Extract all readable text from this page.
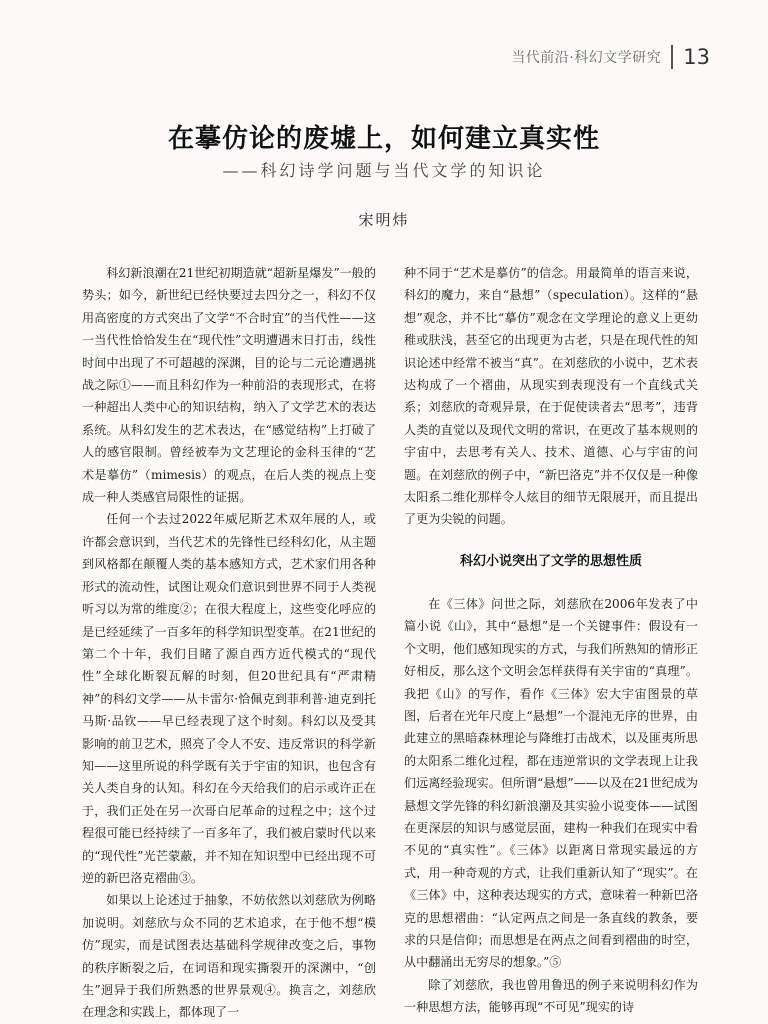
当代前沿·科幻文学研究 13
在摹仿论的废墟上，如何建立真实性
——科幻诗学问题与当代文学的知识论
宋明炜

科幻新浪潮在21世纪初期造就“超新星爆发”一般的势头；如今，新世纪已经快要过去四分之一，科幻不仅用高密度的方式突出了文学“不合时宜”的当代性——这一当代性恰恰发生在“现代性”文明遭遇末日打击，线性时间中出现了不可超越的深渊，目的论与二元论遭遇挑战之际①——而且科幻作为一种前沿的表现形式，在将一种超出人类中心的知识结构，纳入了文学艺术的表达系统。从科幻发生的艺术表达，在“感觉结构”上打破了人的感官限制。曾经被奉为文艺理论的金科玉律的“艺术是摹仿”（mimesis）的观点，在后人类的视点上变成一种人类感官局限性的证据。

任何一个去过2022年威尼斯艺术双年展的人，或许都会意识到，当代艺术的先锋性已经科幻化，从主题到风格都在颠覆人类的基本感知方式，艺术家们用各种形式的流动性，试图让观众们意识到世界不同于人类视听习以为常的维度②；在很大程度上，这些变化呼应的是已经延续了一百多年的科学知识型变革。在21世纪的第二个十年，我们目睹了源自西方近代模式的“现代性”全球化断裂瓦解的时刻，但20世纪具有“严肃精神”的科幻文学——从卡雷尔·恰佩克到菲利普·迪克到托马斯·品钦——早已经表现了这个时刻。科幻以及受其影响的前卫艺术，照亮了令人不安、违反常识的科学新知——这里所说的科学既有关于宇宙的知识，也包含有关人类自身的认知。科幻在今天给我们的启示或许正在于，我们正处在另一次哥白尼革命的过程之中；这个过程很可能已经持续了一百多年了，我们被启蒙时代以来的“现代性”光芒蒙蔽，并不知在知识型中已经出现不可逆的新巴洛克褶曲③。

如果以上论述过于抽象，不妨依然以刘慈欣为例略加说明。刘慈欣与众不同的艺术追求，在于他不想“模仿”现实，而是试图表达基础科学规律改变之后，事物的秩序断裂之后，在词语和现实撕裂开的深渊中，“创生”迥异于我们所熟悉的世界景观④。换言之，刘慈欣在理念和实践上，都体现了一

种不同于“艺术是摹仿”的信念。用最简单的语言来说，科幻的魔力，来自“悬想”（speculation）。这样的“悬想”观念，并不比“摹仿”观念在文学理论的意义上更幼稚或肤浅，甚至它的出现更为古老，只是在现代性的知识论述中经常不被当“真”。在刘慈欣的小说中，艺术表达构成了一个褶曲，从现实到表现没有一个直线式关系；刘慈欣的奇观异景，在于促使读者去“思考”，违背人类的直觉以及现代文明的常识，在更改了基本规则的宇宙中，去思考有关人、技术、道德、心与宇宙的问题。在刘慈欣的例子中，“新巴洛克”并不仅仅是一种像太阳系二维化那样令人炫目的细节无限展开，而且提出了更为尖锐的问题。

科幻小说突出了文学的思想性质

在《三体》问世之际，刘慈欣在2006年发表了中篇小说《山》，其中“悬想”是一个关键事件：假设有一个文明，他们感知现实的方式，与我们所熟知的情形正好相反，那么这个文明会怎样获得有关宇宙的“真理”。我把《山》的写作，看作《三体》宏大宇宙图景的草图，后者在光年尺度上“悬想”一个混沌无序的世界，由此建立的黑暗森林理论与降维打击战术，以及匪夷所思的太阳系二维化过程，都在违逆常识的文学表现上让我们远离经验现实。但所谓“悬想”——以及在21世纪成为悬想文学先锋的科幻新浪潮及其实验小说变体——试图在更深层的知识与感觉层面，建构一种我们在现实中看不见的“真实性”。《三体》以距离日常现实最远的方式，用一种奇观的方式，让我们重新认知了“现实”。在《三体》中，这种表达现实的方式，意味着一种新巴洛克的思想褶曲：“认定两点之间是一条直线的教条，要求的只是信仰；而思想是在两点之间看到褶曲的时空，从中翻涌出无穷尽的想象。”⑤

除了刘慈欣，我也曾用鲁迅的例子来说明科幻作为一种思想方法，能够再现“不可见”现实的诗
